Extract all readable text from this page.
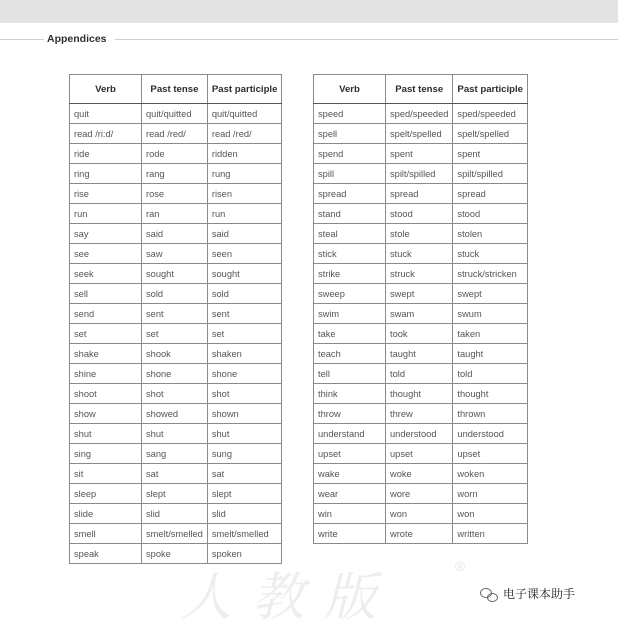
Appendices
Verb	Past tense	Past participle
quit	quit/quitted	quit/quitted
read /ri:d/	read /red/	read /red/
ride	rode	ridden
ring	rang	rung
rise	rose	risen
run	ran	run
say	said	said
see	saw	seen
seek	sought	sought
sell	sold	sold
send	sent	sent
set	set	set
shake	shook	shaken
shine	shone	shone
shoot	shot	shot
show	showed	shown
shut	shut	shut
sing	sang	sung
sit	sat	sat
sleep	slept	slept
slide	slid	slid
smell	smelt/smelled	smelt/smelled
speak	spoke	spoken
Verb	Past tense	Past participle
speed	sped/speeded	sped/speeded
spell	spelt/spelled	spelt/spelled
spend	spent	spent
spill	spilt/spilled	spilt/spilled
spread	spread	spread
stand	stood	stood
steal	stole	stolen
stick	stuck	stuck
strike	struck	struck/stricken
sweep	swept	swept
swim	swam	swum
take	took	taken
teach	taught	taught
tell	told	told
think	thought	thought
throw	threw	thrown
understand	understood	understood
upset	upset	upset
wake	woke	woken
wear	wore	worn
win	won	won
write	wrote	written
人教版
®
电子课本助手
